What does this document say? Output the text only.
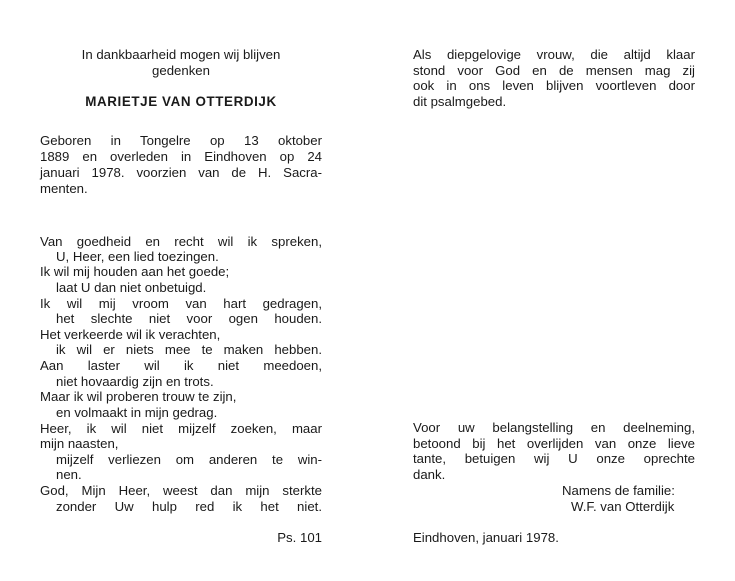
In dankbaarheid mogen wij blijven
gedenken
MARIETJE VAN OTTERDIJK
Geboren in Tongelre op 13 oktober
1889 en overleden in Eindhoven op 24
januari 1978. voorzien van de H. Sacra-
menten.
Van goedheid en recht wil ik spreken,
U, Heer, een lied toezingen.
Ik wil mij houden aan het goede;
laat U dan niet onbetuigd.
Ik wil mij vroom van hart gedragen,
het slechte niet voor ogen houden.
Het verkeerde wil ik verachten,
ik wil er niets mee te maken hebben.
Aan laster wil ik niet meedoen,
niet hovaardig zijn en trots.
Maar ik wil proberen trouw te zijn,
en volmaakt in mijn gedrag.
Heer, ik wil niet mijzelf zoeken, maar
mijn naasten,
mijzelf verliezen om anderen te win-
nen.
God, Mijn Heer, weest dan mijn sterkte
zonder Uw hulp red ik het niet.
Ps. 101
Als diepgelovige vrouw, die altijd klaar
stond voor God en de mensen mag zij
ook in ons leven blijven voortleven door
dit psalmgebed.
Voor uw belangstelling en deelneming,
betoond bij het overlijden van onze lieve
tante, betuigen wij U onze oprechte
dank.
Namens de familie:
W.F. van Otterdijk
Eindhoven, januari 1978.
